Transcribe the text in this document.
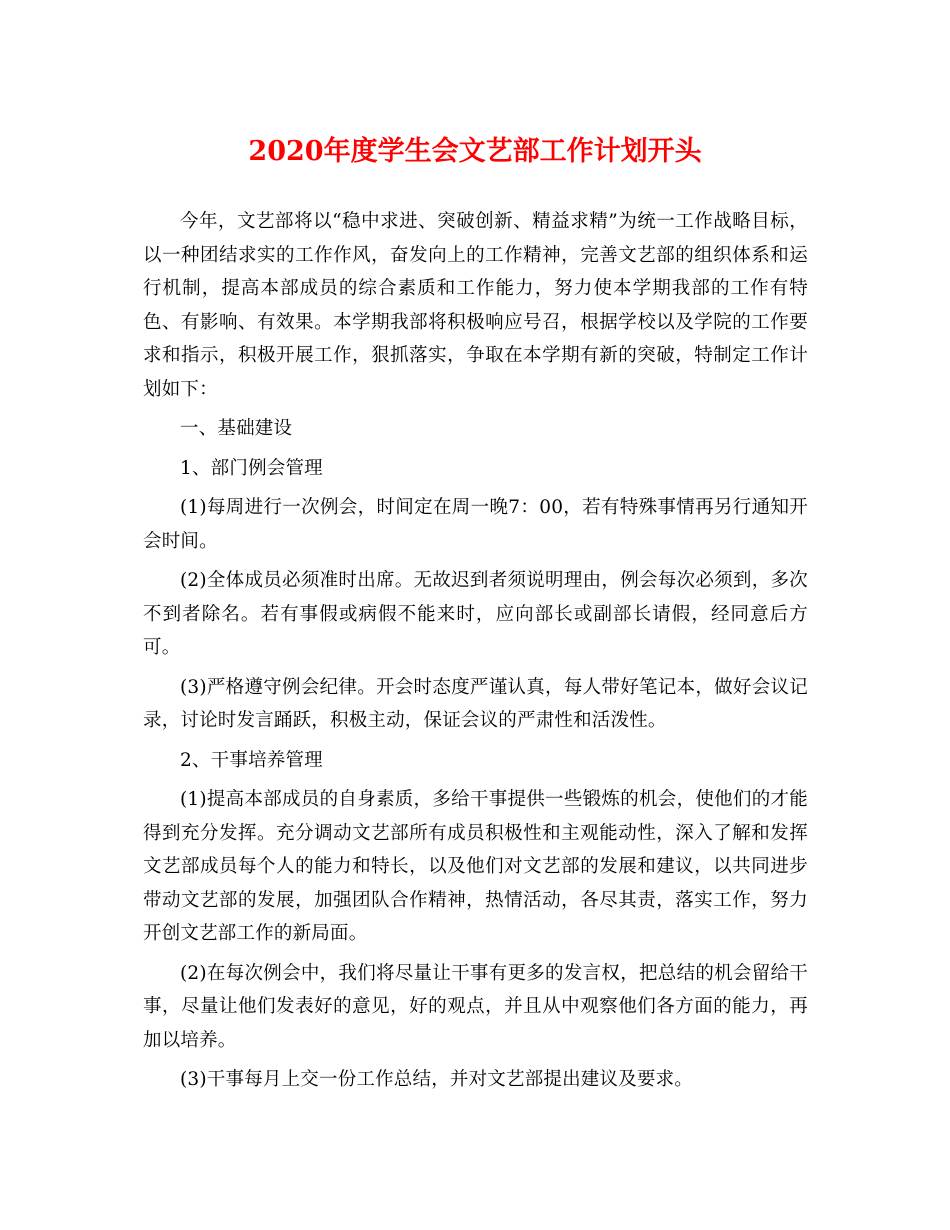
2020年度学生会文艺部工作计划开头

今年，文艺部将以“稳中求进、突破创新、精益求精”为统一工作战略目标，以一种团结求实的工作作风，奋发向上的工作精神，完善文艺部的组织体系和运行机制，提高本部成员的综合素质和工作能力，努力使本学期我部的工作有特色、有影响、有效果。本学期我部将积极响应号召，根据学校以及学院的工作要求和指示，积极开展工作，狠抓落实，争取在本学期有新的突破，特制定工作计划如下：

一、基础建设

1、部门例会管理

(1)每周进行一次例会，时间定在周一晚7：00，若有特殊事情再另行通知开会时间。

(2)全体成员必须准时出席。无故迟到者须说明理由，例会每次必须到，多次不到者除名。若有事假或病假不能来时，应向部长或副部长请假，经同意后方可。

(3)严格遵守例会纪律。开会时态度严谨认真，每人带好笔记本，做好会议记录，讨论时发言踊跃，积极主动，保证会议的严肃性和活泼性。

2、干事培养管理

(1)提高本部成员的自身素质，多给干事提供一些锻炼的机会，使他们的才能得到充分发挥。充分调动文艺部所有成员积极性和主观能动性，深入了解和发挥文艺部成员每个人的能力和特长，以及他们对文艺部的发展和建议，以共同进步带动文艺部的发展，加强团队合作精神，热情活动，各尽其责，落实工作，努力开创文艺部工作的新局面。

(2)在每次例会中，我们将尽量让干事有更多的发言权，把总结的机会留给干事，尽量让他们发表好的意见，好的观点，并且从中观察他们各方面的能力，再加以培养。

(3)干事每月上交一份工作总结，并对文艺部提出建议及要求。
